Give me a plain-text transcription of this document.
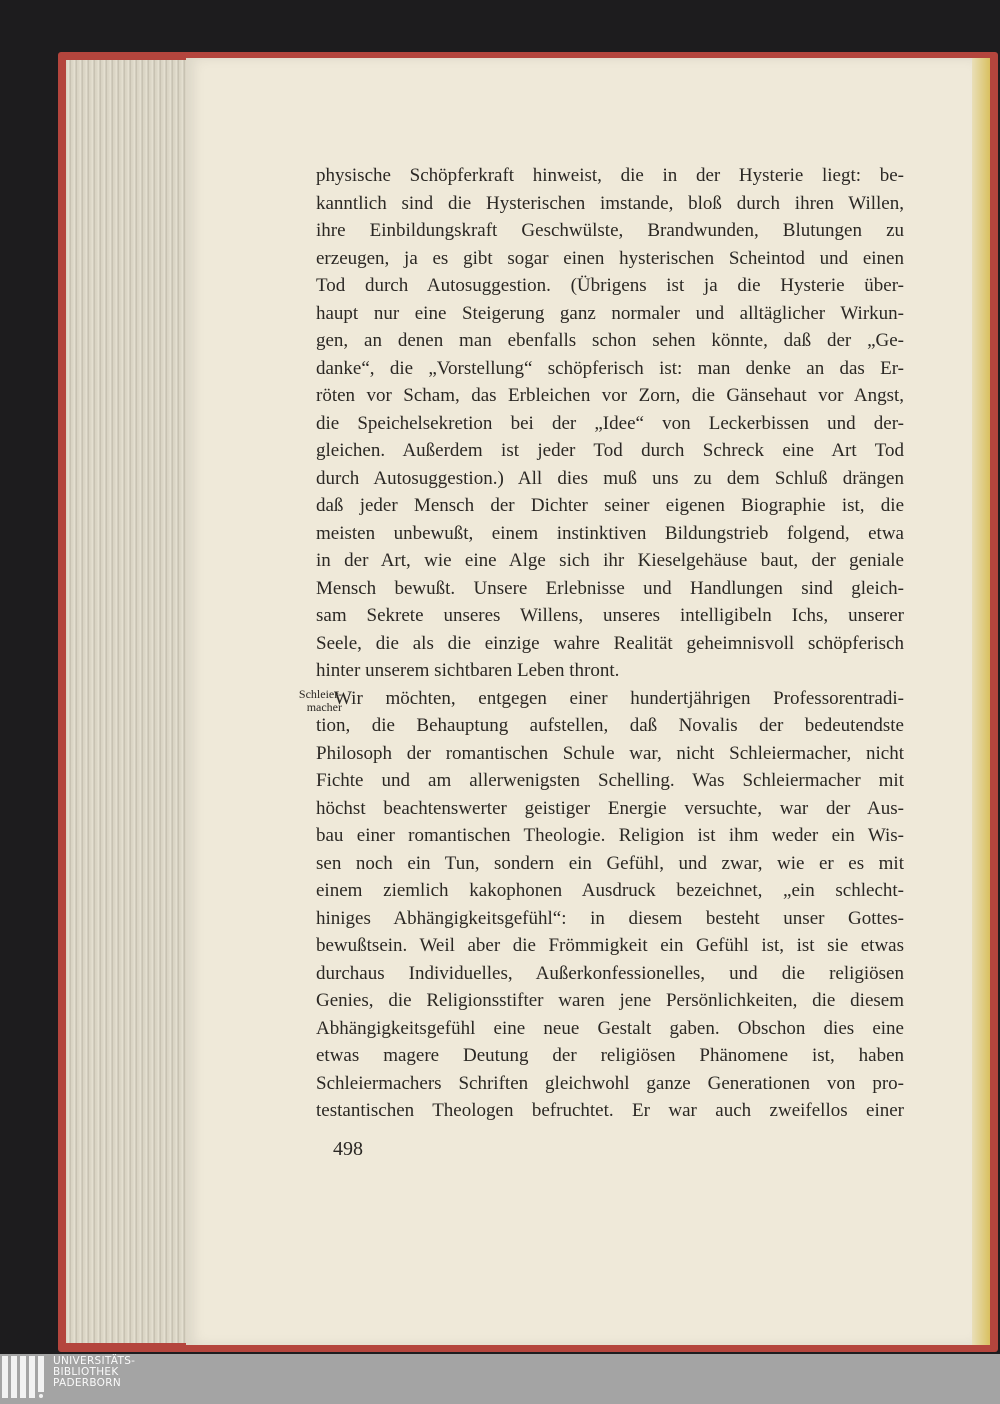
physische Schöpferkraft hinweist, die in der Hysterie liegt: be-
kanntlich sind die Hysterischen imstande, bloß durch ihren Willen,
ihre Einbildungskraft Geschwülste, Brandwunden, Blutungen zu
erzeugen, ja es gibt sogar einen hysterischen Scheintod und einen
Tod durch Autosuggestion. (Übrigens ist ja die Hysterie über-
haupt nur eine Steigerung ganz normaler und alltäglicher Wirkun-
gen, an denen man ebenfalls schon sehen könnte, daß der „Ge-
danke“, die „Vorstellung“ schöpferisch ist: man denke an das Er-
röten vor Scham, das Erbleichen vor Zorn, die Gänsehaut vor Angst,
die Speichelsekretion bei der „Idee“ von Leckerbissen und der-
gleichen. Außerdem ist jeder Tod durch Schreck eine Art Tod
durch Autosuggestion.) All dies muß uns zu dem Schluß drängen
daß jeder Mensch der Dichter seiner eigenen Biographie ist, die
meisten unbewußt, einem instinktiven Bildungstrieb folgend, etwa
in der Art, wie eine Alge sich ihr Kieselgehäuse baut, der geniale
Mensch bewußt. Unsere Erlebnisse und Handlungen sind gleich-
sam Sekrete unseres Willens, unseres intelligibeln Ichs, unserer
Seele, die als die einzige wahre Realität geheimnisvoll schöpferisch
hinter unserem sichtbaren Leben thront.
Wir möchten, entgegen einer hundertjährigen Professorentradi-
tion, die Behauptung aufstellen, daß Novalis der bedeutendste
Philosoph der romantischen Schule war, nicht Schleiermacher, nicht
Fichte und am allerwenigsten Schelling. Was Schleiermacher mit
höchst beachtenswerter geistiger Energie versuchte, war der Aus-
bau einer romantischen Theologie. Religion ist ihm weder ein Wis-
sen noch ein Tun, sondern ein Gefühl, und zwar, wie er es mit
einem ziemlich kakophonen Ausdruck bezeichnet, „ein schlecht-
hiniges Abhängigkeitsgefühl“: in diesem besteht unser Gottes-
bewußtsein. Weil aber die Frömmigkeit ein Gefühl ist, ist sie etwas
durchaus Individuelles, Außerkonfessionelles, und die religiösen
Genies, die Religionsstifter waren jene Persönlichkeiten, die diesem
Abhängigkeitsgefühl eine neue Gestalt gaben. Obschon dies eine
etwas magere Deutung der religiösen Phänomene ist, haben
Schleiermachers Schriften gleichwohl ganze Generationen von pro-
testantischen Theologen befruchtet. Er war auch zweifellos einer
Schleier-
macher
498
UNIVERSITÄTS-
BIBLIOTHEK
PADERBORN
